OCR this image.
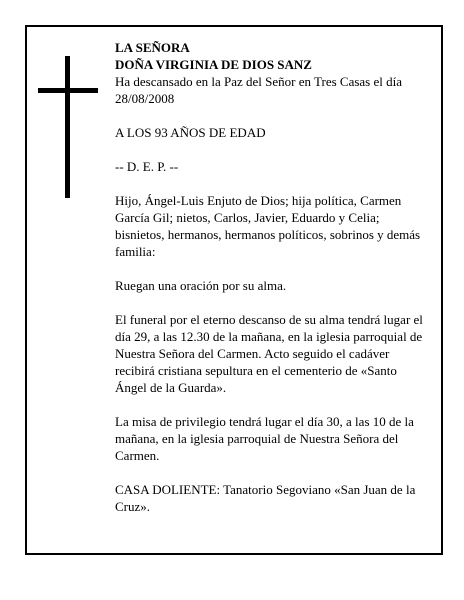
LA SEÑORA
DOÑA VIRGINIA DE DIOS SANZ

Ha descansado en la Paz del Señor en Tres Casas el día 28/08/2008

A LOS 93 AÑOS DE EDAD

-- D. E. P. --

Hijo, Ángel-Luis Enjuto de Dios; hija política, Carmen García Gil; nietos, Carlos, Javier, Eduardo y Celia; bisnietos, hermanos, hermanos políticos, sobrinos y demás familia:

Ruegan una oración por su alma.

El funeral por el eterno descanso de su alma tendrá lugar el día 29, a las 12.30 de la mañana, en la iglesia parroquial de Nuestra Señora del Carmen. Acto seguido el cadáver recibirá cristiana sepultura en el cementerio de «Santo Ángel de la Guarda».

La misa de privilegio tendrá lugar el día 30, a las 10 de la mañana, en la iglesia parroquial de Nuestra Señora del Carmen.

CASA DOLIENTE: Tanatorio Segoviano «San Juan de la Cruz».
